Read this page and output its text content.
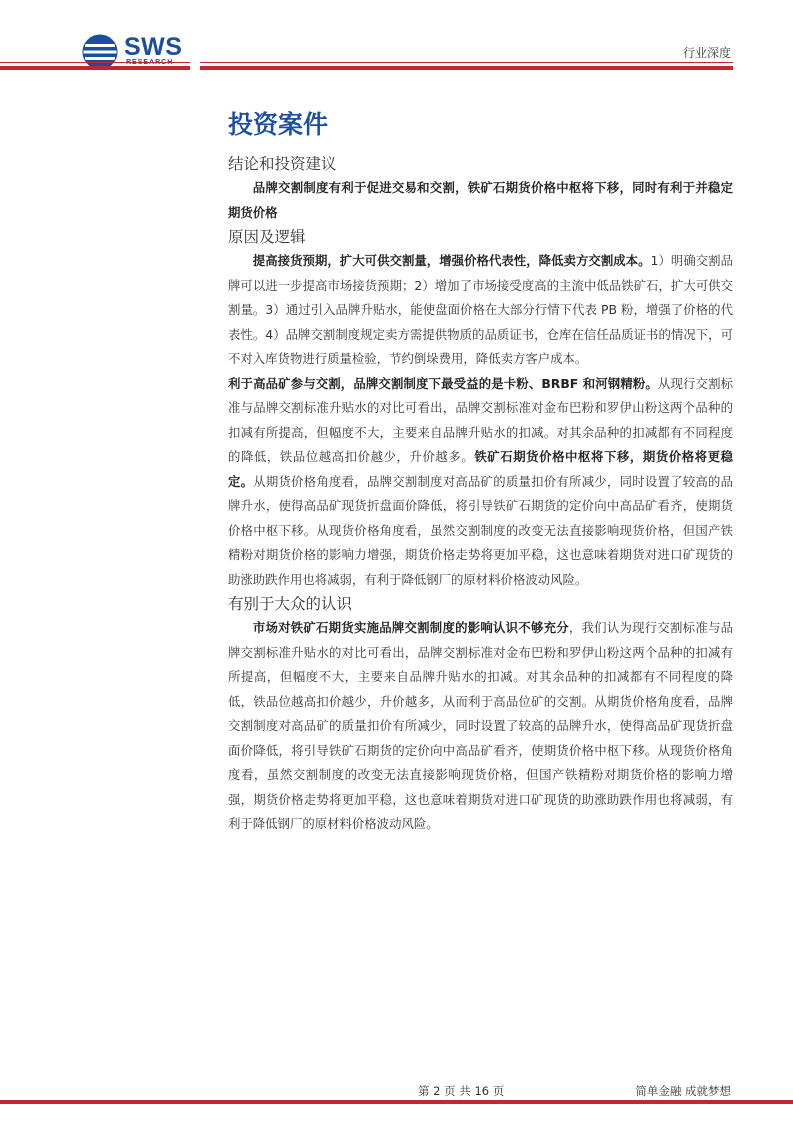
SWS	行业深度
投资案件
结论和投资建议

品牌交割制度有利于促进交易和交割，铁矿石期货价格中枢将下移，同时有利于并稳定期货价格

原因及逻辑

提高接货预期，扩大可供交割量，增强价格代表性，降低卖方交割成本。1）明确交割品牌可以进一步提高市场接货预期；2）增加了市场接受度高的主流中低品铁矿石，扩大可供交割量。3）通过引入品牌升贴水，能使盘面价格在大部分行情下代表 PB 粉，增强了价格的代表性。4）品牌交割制度规定卖方需提供物质的品质证书，仓库在信任品质证书的情况下，可不对入库货物进行质量检验，节约倒垛费用，降低卖方客户成本。

利于高品矿参与交割，品牌交割制度下最受益的是卡粉、BRBF 和河钢精粉。从现行交割标准与品牌交割标准升贴水的对比可看出，品牌交割标准对金布巴粉和罗伊山粉这两个品种的扣减有所提高，但幅度不大，主要来自品牌升贴水的扣减。对其余品种的扣减都有不同程度的降低，铁品位越高扣价越少，升价越多。铁矿石期货价格中枢将下移，期货价格将更稳定。从期货价格角度看，品牌交割制度对高品矿的质量扣价有所减少，同时设置了较高的品牌升水，使得高品矿现货折盘面价降低，将引导铁矿石期货的定价向中高品矿看齐，使期货价格中枢下移。从现货价格角度看，虽然交割制度的改变无法直接影响现货价格，但国产铁精粉对期货价格的影响力增强，期货价格走势将更加平稳，这也意味着期货对进口矿现货的助涨助跌作用也将减弱，有利于降低钢厂的原材料价格波动风险。

有别于大众的认识

市场对铁矿石期货实施品牌交割制度的影响认识不够充分，我们认为现行交割标准与品牌交割标准升贴水的对比可看出，品牌交割标准对金布巴粉和罗伊山粉这两个品种的扣减有所提高，但幅度不大，主要来自品牌升贴水的扣减。对其余品种的扣减都有不同程度的降低，铁品位越高扣价越少，升价越多，从而利于高品位矿的交割。从期货价格角度看，品牌交割制度对高品矿的质量扣价有所减少，同时设置了较高的品牌升水，使得高品矿现货折盘面价降低，将引导铁矿石期货的定价向中高品矿看齐，使期货价格中枢下移。从现货价格角度看，虽然交割制度的改变无法直接影响现货价格，但国产铁精粉对期货价格的影响力增强，期货价格走势将更加平稳，这也意味着期货对进口矿现货的助涨助跌作用也将减弱，有利于降低钢厂的原材料价格波动风险。

第 2 页 共 16 页	简单金融 成就梦想
